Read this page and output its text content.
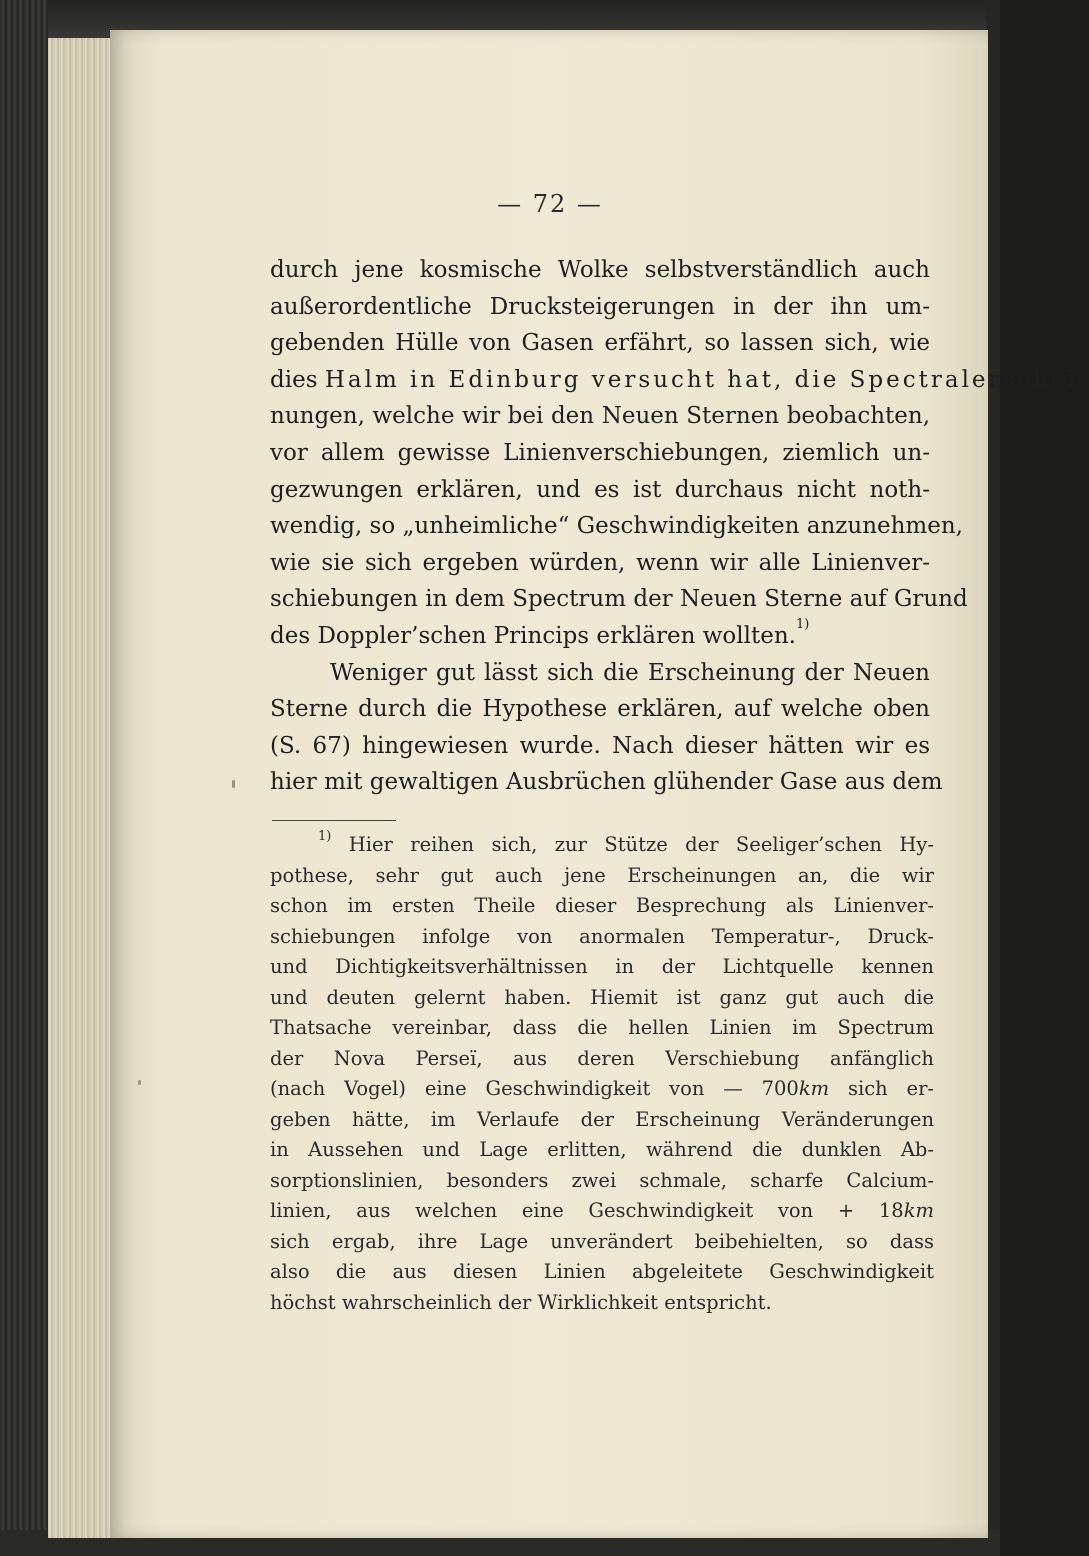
— 72 —
durch jene kosmische Wolke selbstverständlich auch
außerordentliche Drucksteigerungen in der ihn um-
gebenden Hülle von Gasen erfährt, so lassen sich, wie
dies Halm in Edinburg versucht hat, die Spectralerschei-
nungen, welche wir bei den Neuen Sternen beobachten,
vor allem gewisse Linienverschiebungen, ziemlich un-
gezwungen erklären, und es ist durchaus nicht noth-
wendig, so „unheimliche“ Geschwindigkeiten anzunehmen,
wie sie sich ergeben würden, wenn wir alle Linienver-
schiebungen in dem Spectrum der Neuen Sterne auf Grund
des Doppler’schen Princips erklären wollten.$^{1)}$
Weniger gut lässt sich die Erscheinung der Neuen
Sterne durch die Hypothese erklären, auf welche oben
(S. 67) hingewiesen wurde. Nach dieser hätten wir es
hier mit gewaltigen Ausbrüchen glühender Gase aus dem
$^{1)}$ Hier reihen sich, zur Stütze der Seeliger’schen Hy-
pothese, sehr gut auch jene Erscheinungen an, die wir
schon im ersten Theile dieser Besprechung als Linienver-
schiebungen infolge von anormalen Temperatur-, Druck-
und Dichtigkeitsverhältnissen in der Lichtquelle kennen
und deuten gelernt haben. Hiemit ist ganz gut auch die
Thatsache vereinbar, dass die hellen Linien im Spectrum
der Nova Perseï, aus deren Verschiebung anfänglich
(nach Vogel) eine Geschwindigkeit von — 700km sich er-
geben hätte, im Verlaufe der Erscheinung Veränderungen
in Aussehen und Lage erlitten, während die dunklen Ab-
sorptionslinien, besonders zwei schmale, scharfe Calcium-
linien, aus welchen eine Geschwindigkeit von + 18km
sich ergab, ihre Lage unverändert beibehielten, so dass
also die aus diesen Linien abgeleitete Geschwindigkeit
höchst wahrscheinlich der Wirklichkeit entspricht.
